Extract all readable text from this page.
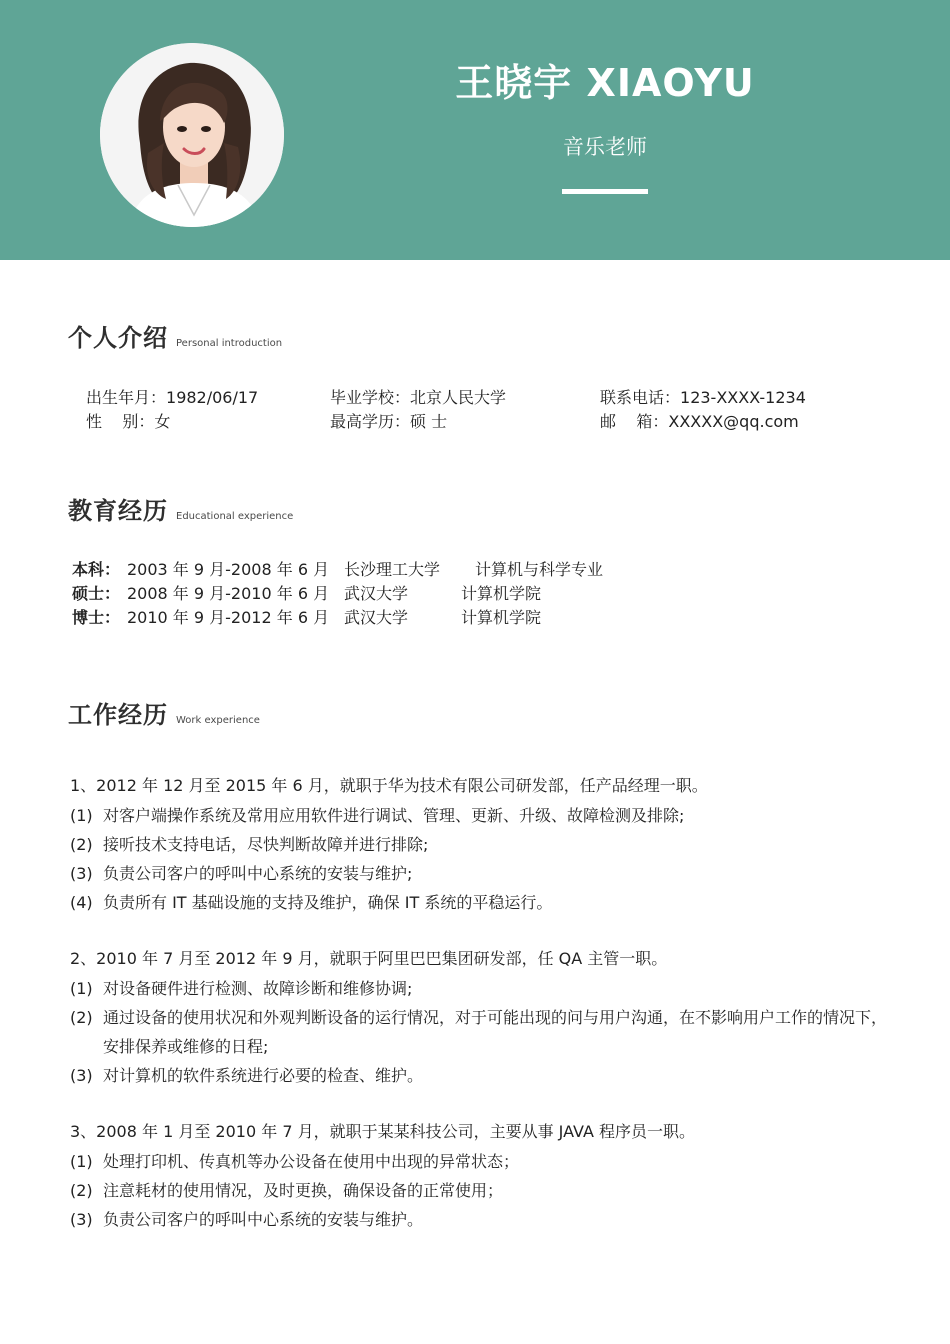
王晓宇 XIAOYU
音乐老师
个人介绍 Personal introduction
出生年月：1982/06/17	毕业学校：北京人民大学	联系电话：123-XXXX-1234
性    别：女	最高学历：硕 士	邮    箱：XXXXX@qq.com
教育经历 Educational experience
本科： 2003 年 9 月-2008 年 6 月 长沙理工大学 计算机与科学专业
硕士： 2008 年 9 月-2010 年 6 月 武汉大学	计算机学院
博士： 2010 年 9 月-2012 年 6 月 武汉大学	计算机学院
工作经历 Work experience
1、2012 年 12 月至 2015 年 6 月，就职于华为技术有限公司研发部，任产品经理一职。
(1) 对客户端操作系统及常用应用软件进行调试、管理、更新、升级、故障检测及排除;
(2) 接听技术支持电话，尽快判断故障并进行排除;
(3) 负责公司客户的呼叫中心系统的安装与维护;
(4) 负责所有 IT 基础设施的支持及维护，确保 IT 系统的平稳运行。
2、2010 年 7 月至 2012 年 9 月，就职于阿里巴巴集团研发部，任 QA 主管一职。
(1) 对设备硬件进行检测、故障诊断和维修协调;
(2) 通过设备的使用状况和外观判断设备的运行情况，对于可能出现的问与用户沟通，在不影响用户工作的情况下，安排保养或维修的日程;
(3) 对计算机的软件系统进行必要的检查、维护。
3、2008 年 1 月至 2010 年 7 月，就职于某某科技公司，主要从事 JAVA 程序员一职。
(1) 处理打印机、传真机等办公设备在使用中出现的异常状态；
(2) 注意耗材的使用情况，及时更换，确保设备的正常使用；
(3) 负责公司客户的呼叫中心系统的安装与维护。
